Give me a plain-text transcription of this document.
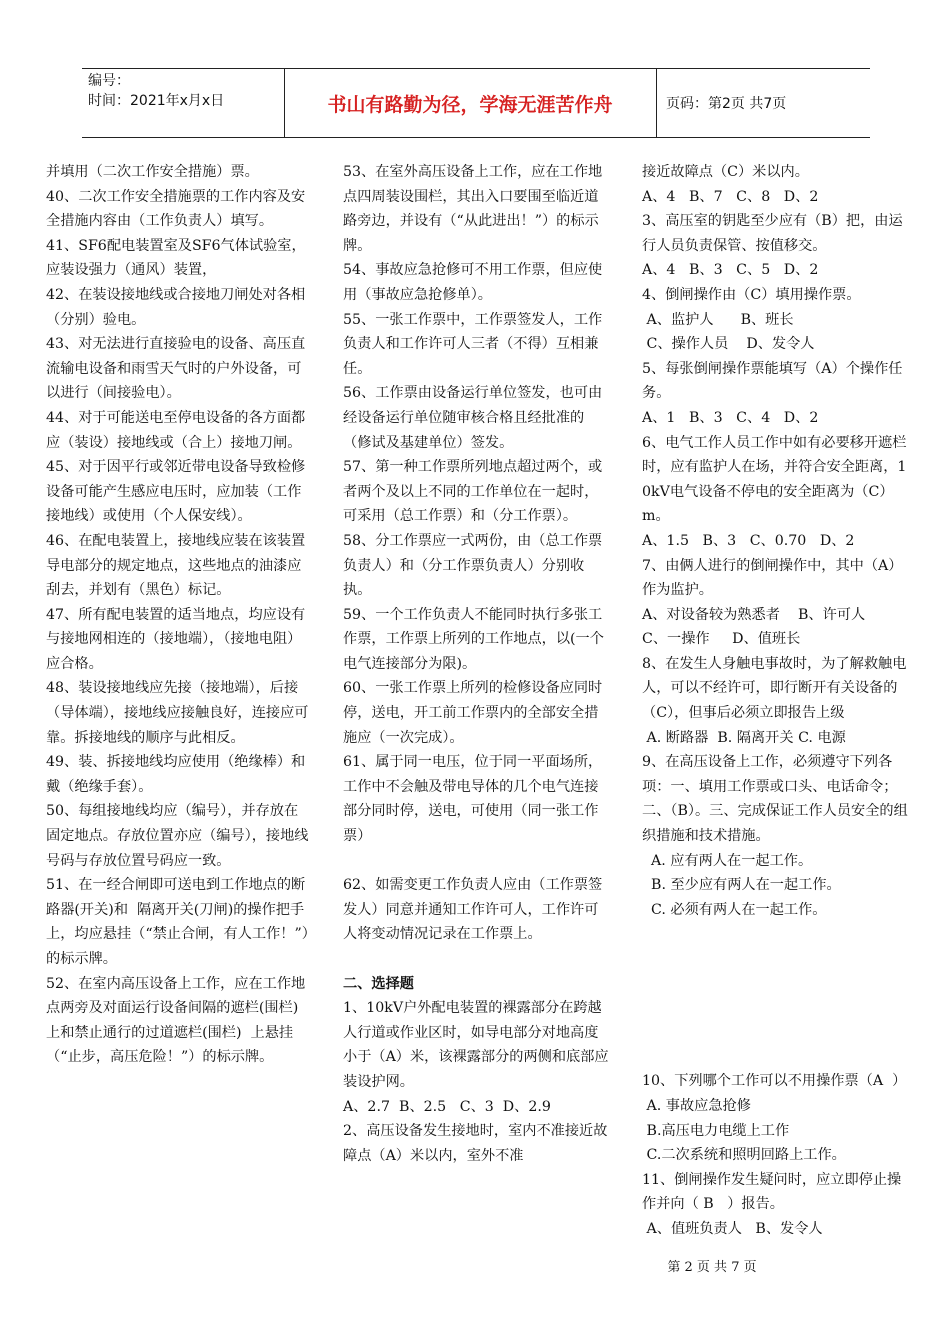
编号：
时间：2021年x月x日	书山有路勤为径，学海无涯苦作舟	页码：第2页 共7页

并填用（二次工作安全措施）票。

40、二次工作安全措施票的工作内容及安全措施内容由（工作负责人）填写。

41、SF6配电装置室及SF6气体试验室，应装设强力（通风）装置，

42、在装设接地线或合接地刀闸处对各相（分别）验电。

43、对无法进行直接验电的设备、高压直流输电设备和雨雪天气时的户外设备，可以进行（间接验电）。

44、对于可能送电至停电设备的各方面都应（装设）接地线或（合上）接地刀闸。

45、对于因平行或邻近带电设备导致检修设备可能产生感应电压时，应加装（工作接地线）或使用（个人保安线）。

46、在配电装置上，接地线应装在该装置导电部分的规定地点，这些地点的油漆应刮去，并划有（黑色）标记。

47、所有配电装置的适当地点，均应设有与接地网相连的（接地端），（接地电阻）应合格。

48、装设接地线应先接（接地端），后接（导体端），接地线应接触良好，连接应可靠。拆接地线的顺序与此相反。

49、装、拆接地线均应使用（绝缘棒）和戴（绝缘手套）。

50、每组接地线均应（编号），并存放在固定地点。存放位置亦应（编号），接地线号码与存放位置号码应一致。

51、在一经合闸即可送电到工作地点的断路器(开关)和  隔离开关(刀闸)的操作把手上，均应悬挂（“禁止合闸，有人工作！”）的标示牌。

52、在室内高压设备上工作，应在工作地点两旁及对面运行设备间隔的遮栏(围栏)上和禁止通行的过道遮栏(围栏)  上悬挂（“止步，高压危险！”）的标示牌。

53、在室外高压设备上工作，应在工作地点四周装设围栏，其出入口要围至临近道路旁边，并设有（“从此进出！”）的标示牌。

54、事故应急抢修可不用工作票，但应使用（事故应急抢修单）。

55、一张工作票中，工作票签发人，工作负责人和工作许可人三者（不得）互相兼任。

56、工作票由设备运行单位签发，也可由经设备运行单位随审核合格且经批准的（修试及基建单位）签发。

57、第一种工作票所列地点超过两个，或者两个及以上不同的工作单位在一起时，可采用（总工作票）和（分工作票）。

58、分工作票应一式两份，由（总工作票负责人）和（分工作票负责人）分别收执。

59、一个工作负责人不能同时执行多张工作票，工作票上所列的工作地点，以(一个电气连接部分为限)。

60、一张工作票上所列的检修设备应同时停，送电，开工前工作票内的全部安全措施应（一次完成）。

61、属于同一电压，位于同一平面场所，工作中不会触及带电导体的几个电气连接部分同时停，送电，可使用（同一张工作票）

62、如需变更工作负责人应由（工作票签发人）同意并通知工作许可人，工作许可人将变动情况记录在工作票上。

二、选择题

1、10kV户外配电装置的裸露部分在跨越人行道或作业区时，如导电部分对地高度小于（A）米，该裸露部分的两侧和底部应装设护网。

A、2.7  B、2.5   C、3  D、2.9

2、高压设备发生接地时，室内不准接近故障点（A）米以内，室外不准

接近故障点（C）米以内。

A、4   B、7   C、8   D、2

3、高压室的钥匙至少应有（B）把，由运行人员负责保管、按值移交。

A、4   B、3   C、5   D、2

4、倒闸操作由（C）填用操作票。

A、监护人      B、班长

C、操作人员    D、发令人

5、每张倒闸操作票能填写（A）个操作任务。

A、1   B、3   C、4   D、2

6、电气工作人员工作中如有必要移开遮栏时，应有监护人在场，并符合安全距离，10kV电气设备不停电的安全距离为（C）m。

A、1.5   B、3   C、0.70   D、2

7、由俩人进行的倒闸操作中，其中（A）作为监护。

A、对设备较为熟悉者    B、许可人

C、一操作     D、值班长

8、在发生人身触电事故时，为了解救触电人，可以不经许可，即行断开有关设备的（C），但事后必须立即报告上级

A. 断路器  B. 隔离开关 C. 电源

9、在高压设备上工作，必须遵守下列各项：一、填用工作票或口头、电话命令；二、（B）。三、完成保证工作人员安全的组织措施和技术措施。

A. 应有两人在一起工作。

B. 至少应有两人在一起工作。

C. 必须有两人在一起工作。

10、下列哪个工作可以不用操作票（A  ）

A. 事故应急抢修

B.高压电力电缆上工作

C.二次系统和照明回路上工作。

11、倒闸操作发生疑问时，应立即停止操作并向（ B   ）报告。

A、值班负责人   B、发令人

第 2 页 共 7 页
